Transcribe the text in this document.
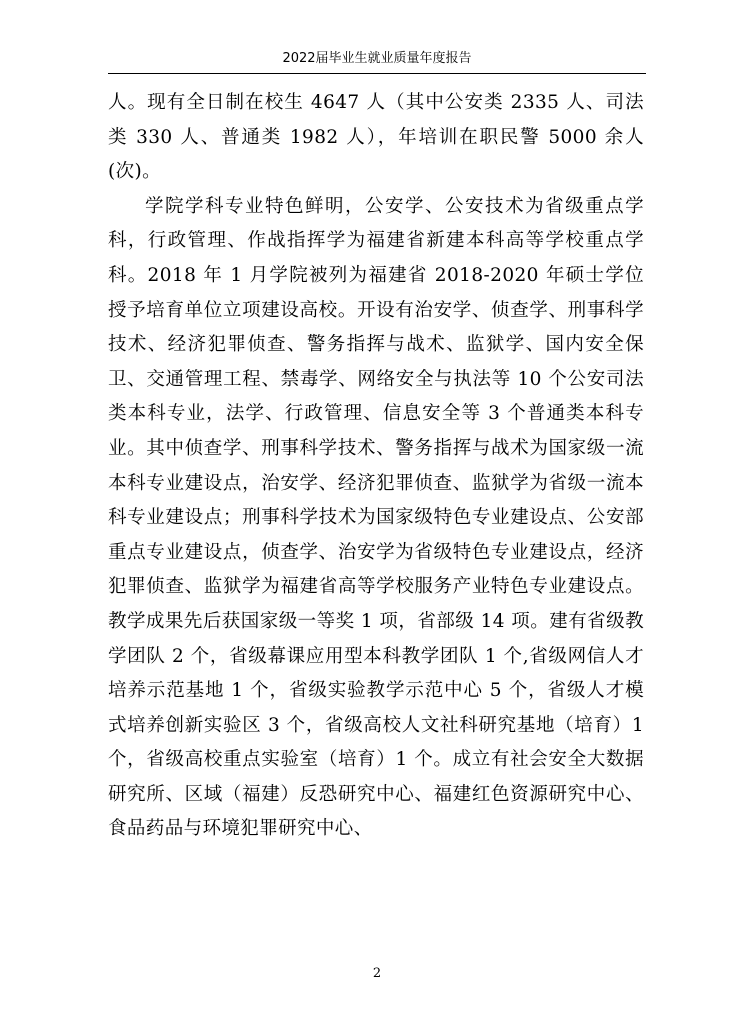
2022届毕业生就业质量年度报告

人。现有全日制在校生 4647 人（其中公安类 2335 人、司法类 330 人、普通类 1982 人），年培训在职民警 5000 余人(次)。

学院学科专业特色鲜明，公安学、公安技术为省级重点学科，行政管理、作战指挥学为福建省新建本科高等学校重点学科。2018 年 1 月学院被列为福建省 2018-2020 年硕士学位授予培育单位立项建设高校。开设有治安学、侦查学、刑事科学技术、经济犯罪侦查、警务指挥与战术、监狱学、国内安全保卫、交通管理工程、禁毒学、网络安全与执法等 10 个公安司法类本科专业，法学、行政管理、信息安全等 3 个普通类本科专业。其中侦查学、刑事科学技术、警务指挥与战术为国家级一流本科专业建设点，治安学、经济犯罪侦查、监狱学为省级一流本科专业建设点；刑事科学技术为国家级特色专业建设点、公安部重点专业建设点，侦查学、治安学为省级特色专业建设点，经济犯罪侦查、监狱学为福建省高等学校服务产业特色专业建设点。教学成果先后获国家级一等奖 1 项，省部级 14 项。建有省级教学团队 2 个，省级幕课应用型本科教学团队 1 个,省级网信人才培养示范基地 1 个，省级实验教学示范中心 5 个，省级人才模式培养创新实验区 3 个，省级高校人文社科研究基地（培育）1 个，省级高校重点实验室（培育）1 个。成立有社会安全大数据研究所、区域（福建）反恐研究中心、福建红色资源研究中心、食品药品与环境犯罪研究中心、

2
